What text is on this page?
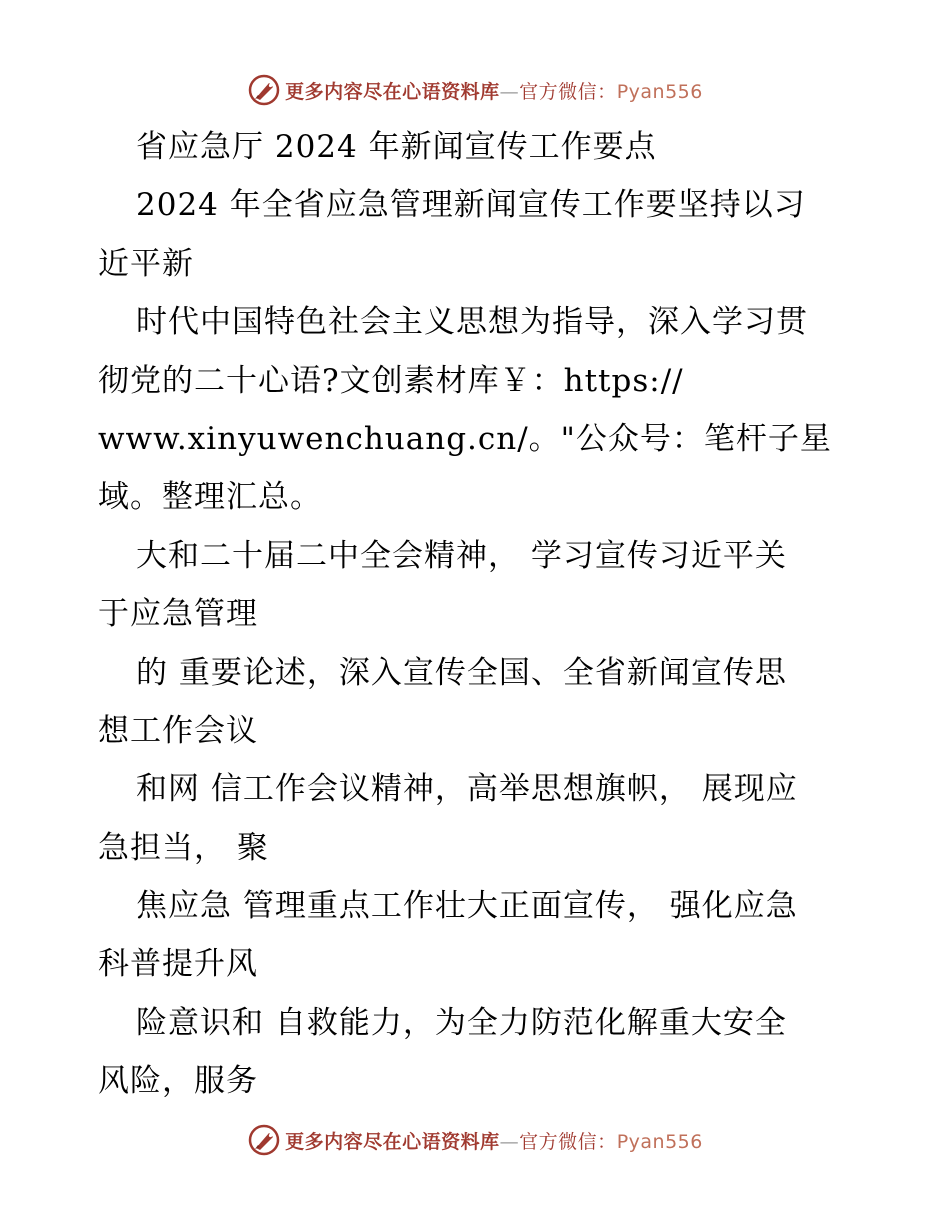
更多内容尽在心语资料库—官方微信：Pyan556
省应急厅 2024 年新闻宣传工作要点
2024 年全省应急管理新闻宣传工作要坚持以习
近平新
时代中国特色社会主义思想为指导，深入学习贯
彻党的二十心语?文创素材库￥：https://
www.xinyuwenchuang.cn/。"公众号：笔杆子星
域。整理汇总。
大和二十届二中全会精神， 学习宣传习近平关
于应急管理
的 重要论述，深入宣传全国、全省新闻宣传思
想工作会议
和网 信工作会议精神，高举思想旗帜， 展现应
急担当， 聚
焦应急 管理重点工作壮大正面宣传， 强化应急
科普提升风
险意识和 自救能力，为全力防范化解重大安全
风险，服务
更多内容尽在心语资料库—官方微信：Pyan556
